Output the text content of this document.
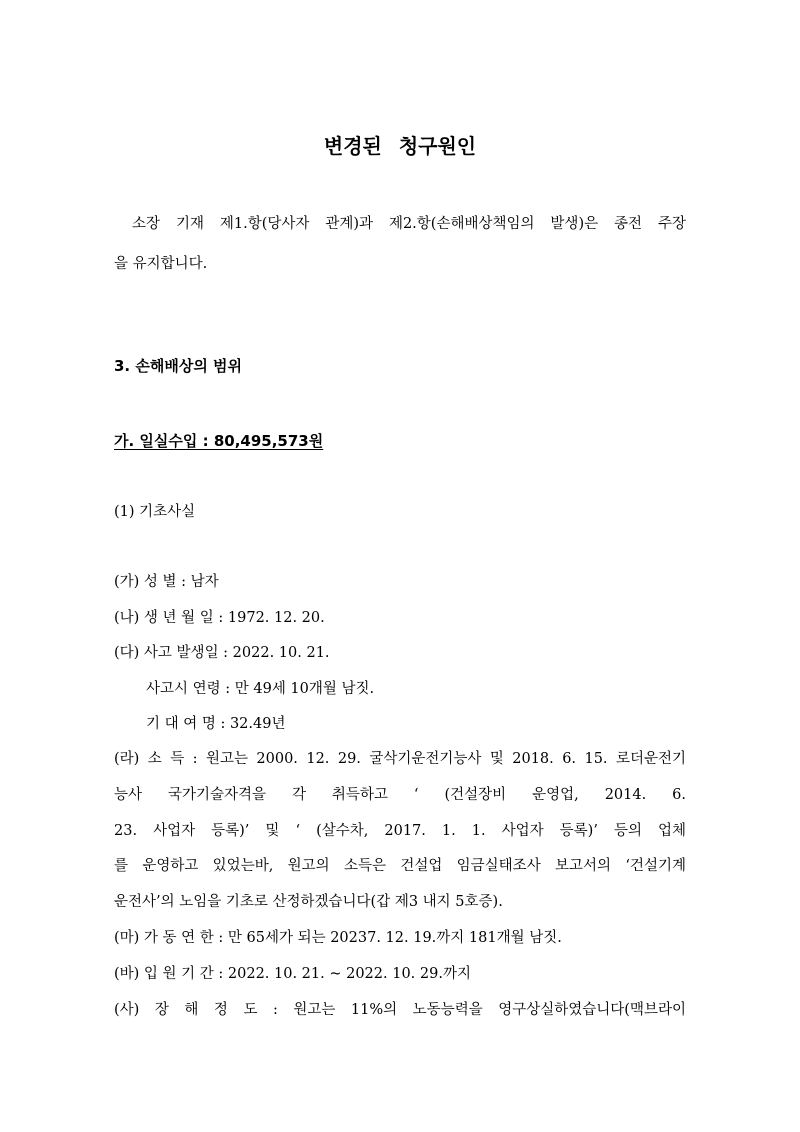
변경된 청구원인
소장 기재 제1.항(당사자 관계)과 제2.항(손해배상책임의 발생)은 종전 주장
을 유지합니다.
3. 손해배상의 범위
가. 일실수입 : 80,495,573원
(1) 기초사실
(가) 성 별 : 남자
(나) 생 년 월 일 : 1972. 12. 20.
(다) 사고 발생일 : 2022. 10. 21.
사고시 연령 : 만 49세 10개월 남짓.
기 대 여 명 : 32.49년
(라) 소 득 : 원고는 2000. 12. 29. 굴삭기운전기능사 및 2018. 6. 15. 로더운전기
능사 국가기술자격을 각 취득하고 ‘ (건설장비 운영업, 2014. 6.
23. 사업자 등록)’ 및 ‘ (살수차, 2017. 1. 1. 사업자 등록)’ 등의 업체
를 운영하고 있었는바, 원고의 소득은 건설업 임금실태조사 보고서의 ‘건설기계
운전사’의 노임을 기초로 산정하겠습니다(갑 제3 내지 5호증).
(마) 가 동 연 한 : 만 65세가 되는 20237. 12. 19.까지 181개월 남짓.
(바) 입 원 기 간 : 2022. 10. 21. ~ 2022. 10. 29.까지
(사) 장 해 정 도 : 원고는 11%의 노동능력을 영구상실하였습니다(맥브라이
